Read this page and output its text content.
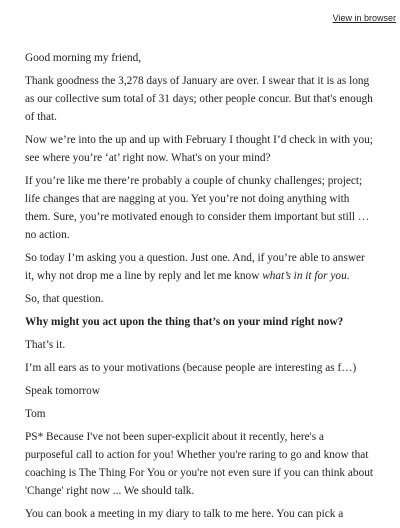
View in browser

Good morning my friend,

Thank goodness the 3,278 days of January are over. I swear that it is as long as our collective sum total of 31 days; other people concur. But that's enough of that.

Now we’re into the up and up with February I thought I’d check in with you; see where you’re ‘at’ right now. What's on your mind?

If you’re like me there’re probably a couple of chunky challenges; project; life changes that are nagging at you. Yet you’re not doing anything with them. Sure, you’re motivated enough to consider them important but still … no action.

So today I’m asking you a question. Just one. And, if you’re able to answer it, why not drop me a line by reply and let me know what’s in it for you.

So, that question.

Why might you act upon the thing that’s on your mind right now?

That’s it.

I’m all ears as to your motivations (because people are interesting as f…)

Speak tomorrow

Tom

PS* Because I've not been super-explicit about it recently, here's a purposeful call to action for you! Whether you're raring to go and know that coaching is The Thing For You or you're not even sure if you can think about 'Change' right now ... We should talk.

You can book a meeting in my diary to talk to me here. You can pick a
